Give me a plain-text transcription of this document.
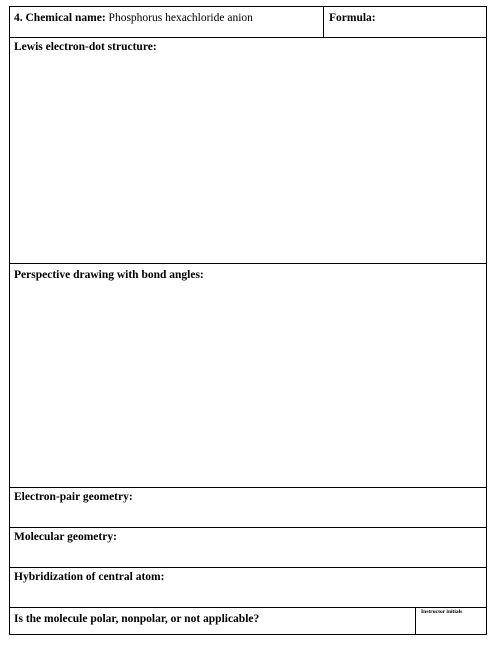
4. Chemical name: Phosphorus hexachloride anion	Formula:
Lewis electron-dot structure:
Perspective drawing with bond angles:
Electron-pair geometry:
Molecular geometry:
Hybridization of central atom:
Is the molecule polar, nonpolar, or not applicable?
Instructor initials
